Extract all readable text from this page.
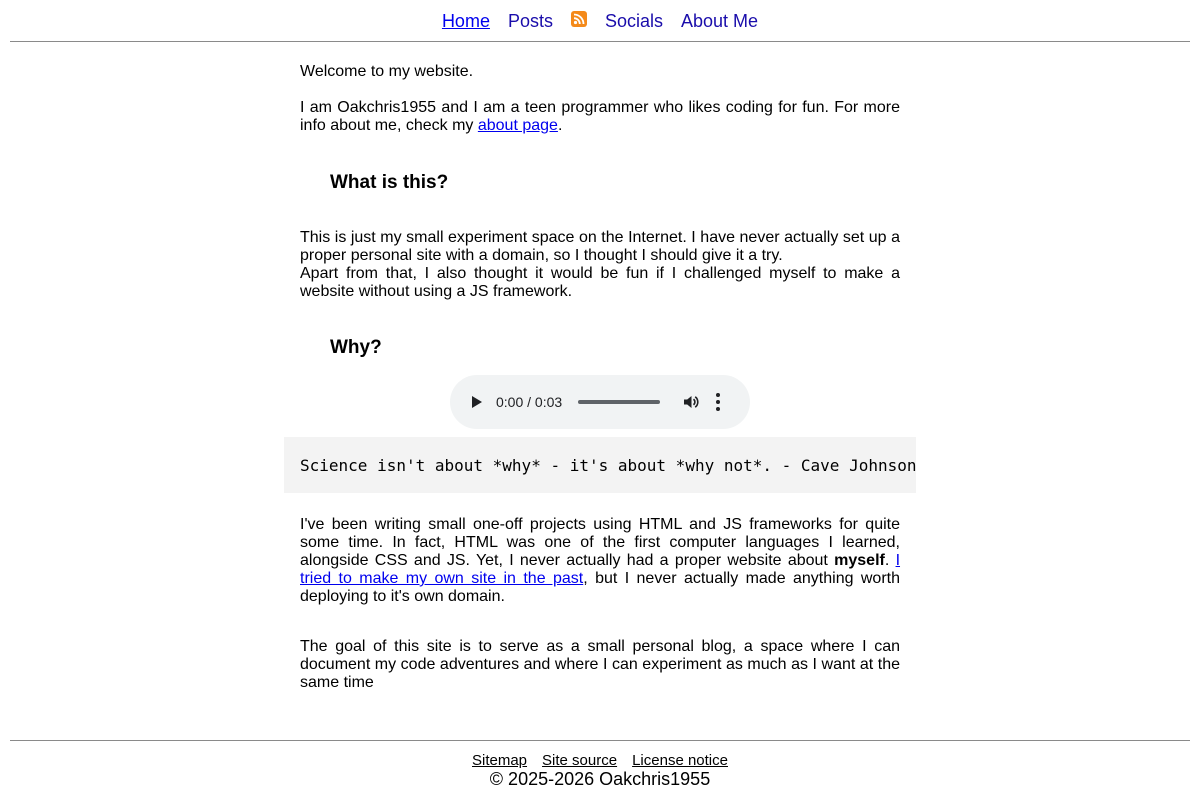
Home Posts	Socials About Me

Welcome to my website.

I am Oakchris1955 and I am a teen programmer who likes coding for fun. For more info about me, check my about page.

What is this?

This is just my small experiment space on the Internet. I have never actually set up a proper personal site with a domain, so I thought I should give it a try.

Apart from that, I also thought it would be fun if I challenged myself to make a website without using a JS framework.

Why?
0:00 / 0:03
Science isn't about *why* - it's about *why not*. - Cave Johnson

I've been writing small one-off projects using HTML and JS frameworks for quite some time. In fact, HTML was one of the first computer languages I learned, alongside CSS and JS. Yet, I never actually had a proper website about myself. I tried to make my own site in the past, but I never actually made anything worth deploying to it's own domain.

The goal of this site is to serve as a small personal blog, a space where I can document my code adventures and where I can experiment as much as I want at the same time

Sitemap Site source License notice
© 2025-2026 Oakchris1955
